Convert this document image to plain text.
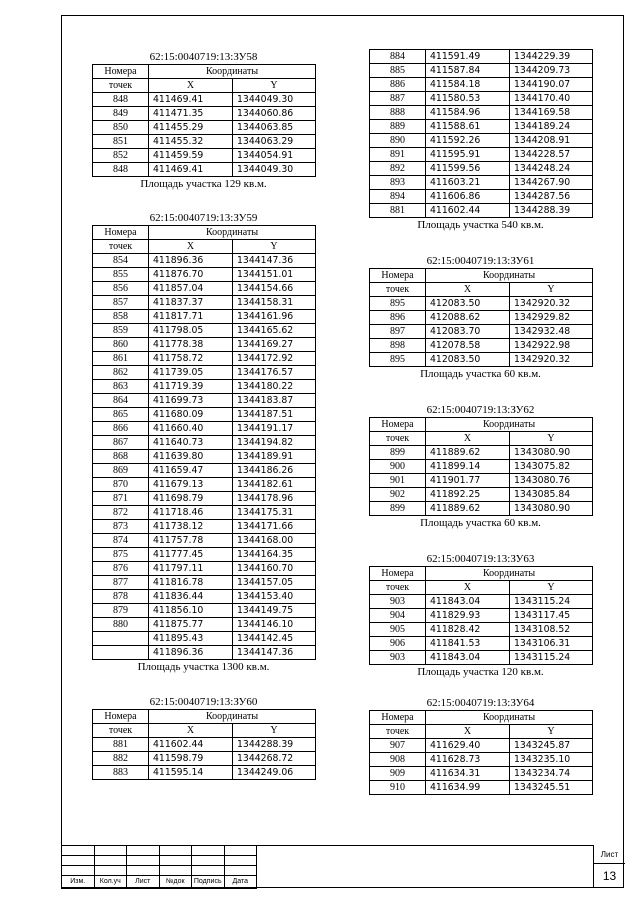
62:15:0040719:13:ЗУ58
Номера	Координаты	
точек	X	Y
848	411469.41	1344049.30
849	411471.35	1344060.86
850	411455.29	1344063.85
851	411455.32	1344063.29
852	411459.59	1344054.91
848	411469.41	1344049.30
Площадь участка 129 кв.м.
62:15:0040719:13:ЗУ59
Номера	Координаты	
точек	X	Y
854	411896.36	1344147.36
855	411876.70	1344151.01
856	411857.04	1344154.66
857	411837.37	1344158.31
858	411817.71	1344161.96
859	411798.05	1344165.62
860	411778.38	1344169.27
861	411758.72	1344172.92
862	411739.05	1344176.57
863	411719.39	1344180.22
864	411699.73	1344183.87
865	411680.09	1344187.51
866	411660.40	1344191.17
867	411640.73	1344194.82
868	411639.80	1344189.91
869	411659.47	1344186.26
870	411679.13	1344182.61
871	411698.79	1344178.96
872	411718.46	1344175.31
873	411738.12	1344171.66
874	411757.78	1344168.00
875	411777.45	1344164.35
876	411797.11	1344160.70
877	411816.78	1344157.05
878	411836.44	1344153.40
879	411856.10	1344149.75
880	411875.77	1344146.10
	411895.43	1344142.45
	411896.36	1344147.36
Площадь участка 1300 кв.м.
62:15:0040719:13:ЗУ60
Номера	Координаты	
точек	X	Y
881	411602.44	1344288.39
882	411598.79	1344268.72
883	411595.14	1344249.06
884	411591.49	1344229.39
885	411587.84	1344209.73
886	411584.18	1344190.07
887	411580.53	1344170.40
888	411584.96	1344169.58
889	411588.61	1344189.24
890	411592.26	1344208.91
891	411595.91	1344228.57
892	411599.56	1344248.24
893	411603.21	1344267.90
894	411606.86	1344287.56
881	411602.44	1344288.39
Площадь участка 540 кв.м.
62:15:0040719:13:ЗУ61
Номера	Координаты	
точек	X	Y
895	412083.50	1342920.32
896	412088.62	1342929.82
897	412083.70	1342932.48
898	412078.58	1342922.98
895	412083.50	1342920.32
Площадь участка 60 кв.м.
62:15:0040719:13:ЗУ62
Номера	Координаты	
точек	X	Y
899	411889.62	1343080.90
900	411899.14	1343075.82
901	411901.77	1343080.76
902	411892.25	1343085.84
899	411889.62	1343080.90
Площадь участка 60 кв.м.
62:15:0040719:13:ЗУ63
Номера	Координаты	
точек	X	Y
903	411843.04	1343115.24
904	411829.93	1343117.45
905	411828.42	1343108.52
906	411841.53	1343106.31
903	411843.04	1343115.24
Площадь участка 120 кв.м.
62:15:0040719:13:ЗУ64
Номера	Координаты	
точек	X	Y
907	411629.40	1343245.87
908	411628.73	1343235.10
909	411634.31	1343234.74
910	411634.99	1343245.51

Изм.	Кол.уч	Лист	№док	Подпись	Дата
Лист
13
